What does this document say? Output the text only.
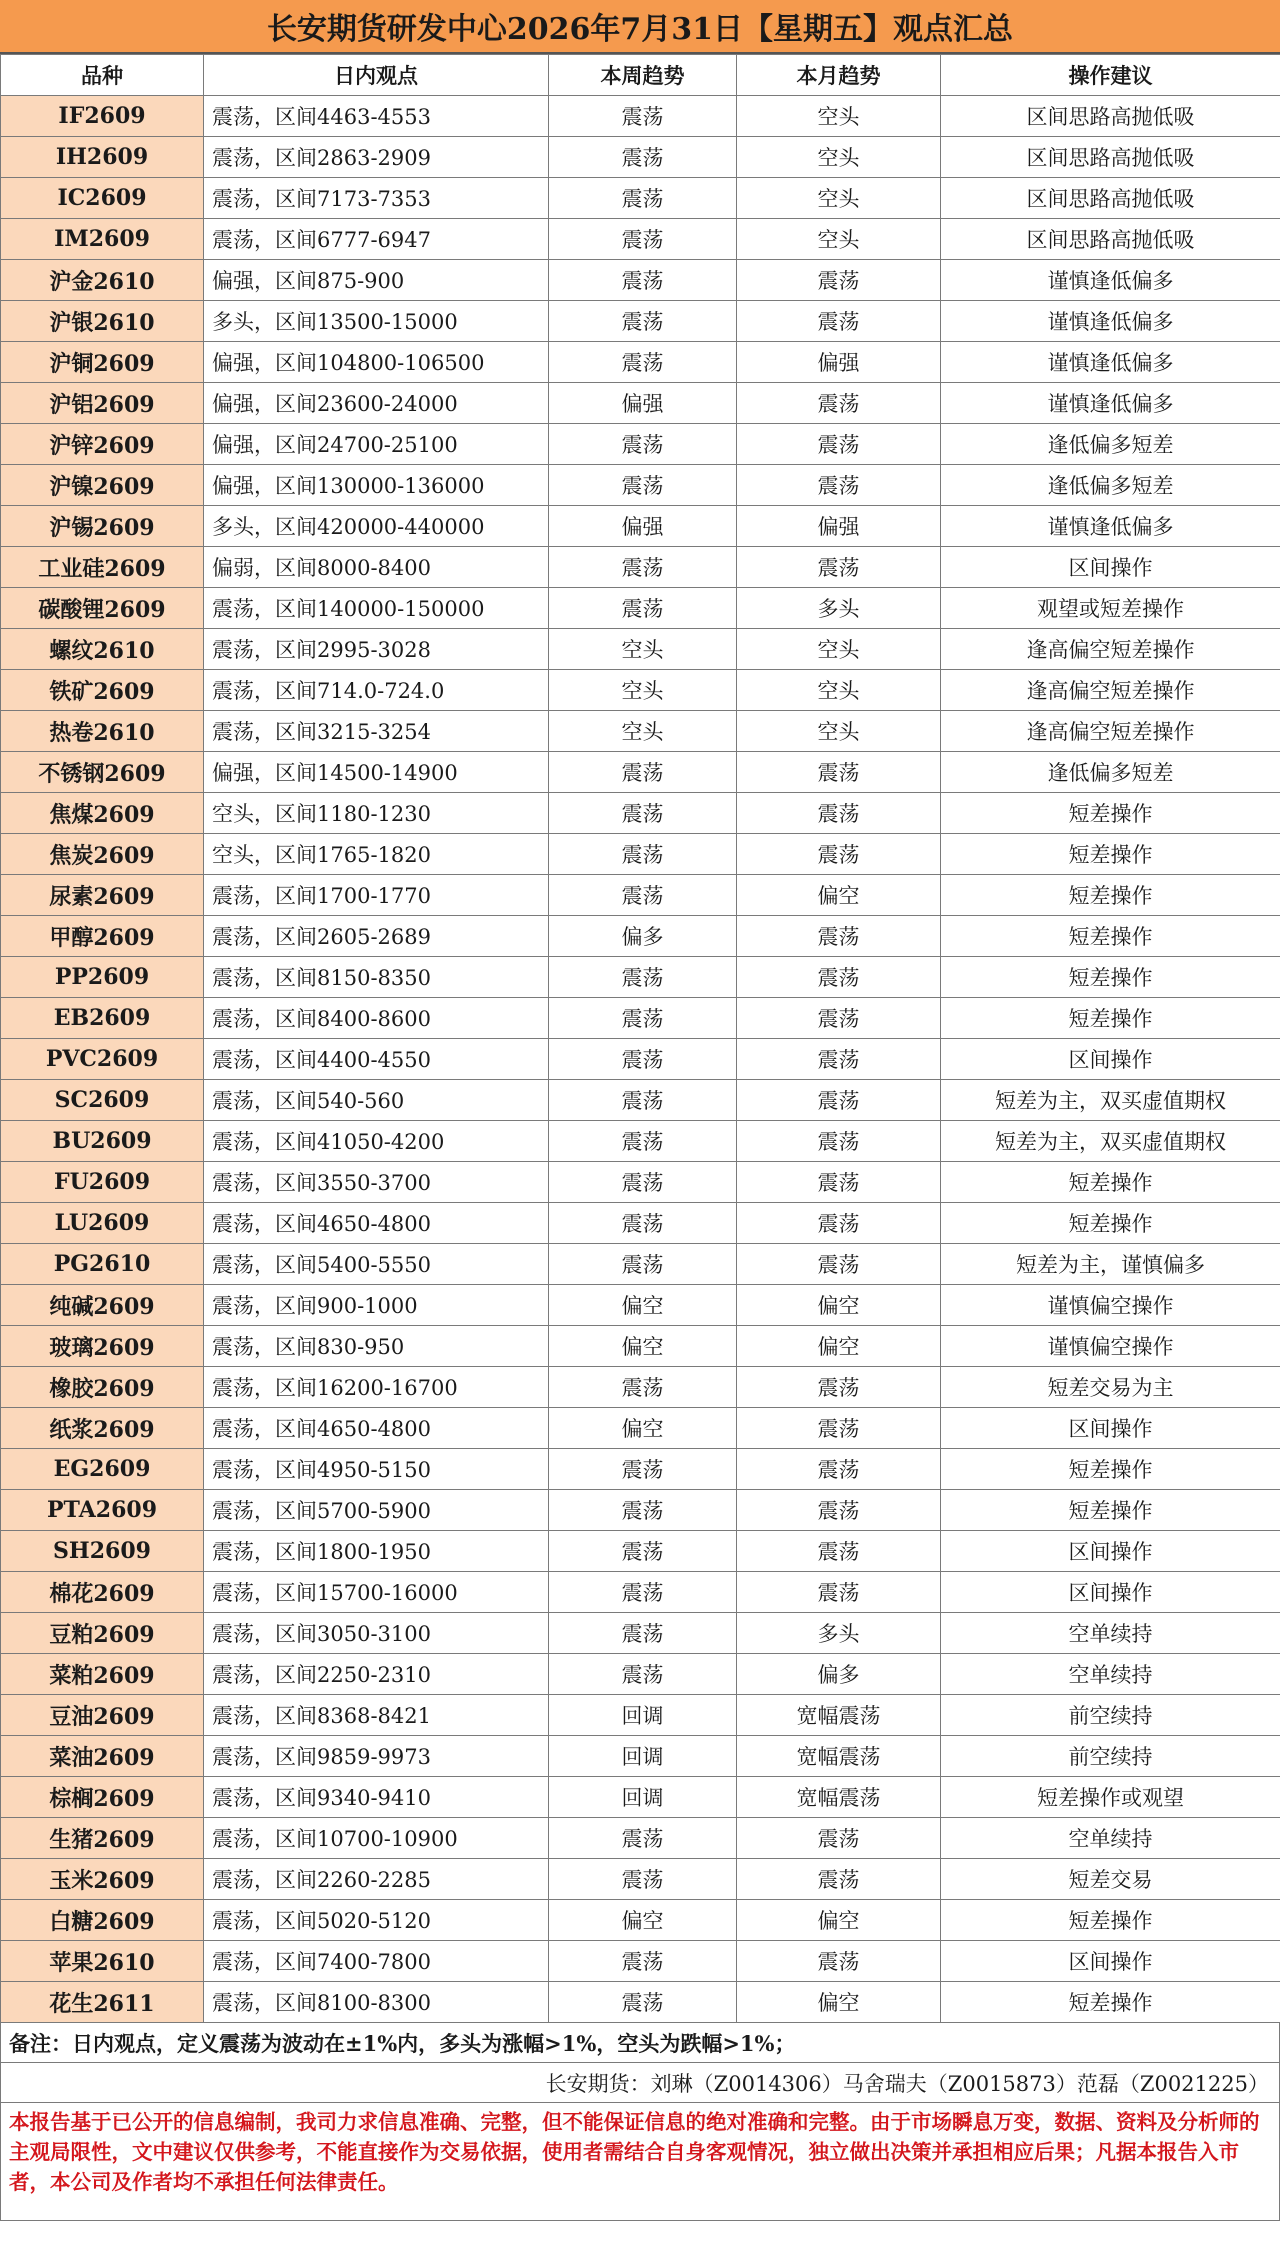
长安期货研发中心2026年7月31日【星期五】观点汇总
品种	日内观点	本周趋势	本月趋势	操作建议
IF2609	震荡，区间4463-4553	震荡	空头	区间思路高抛低吸
IH2609	震荡，区间2863-2909	震荡	空头	区间思路高抛低吸
IC2609	震荡，区间7173-7353	震荡	空头	区间思路高抛低吸
IM2609	震荡，区间6777-6947	震荡	空头	区间思路高抛低吸
沪金2610	偏强，区间875-900	震荡	震荡	谨慎逢低偏多
沪银2610	多头，区间13500-15000	震荡	震荡	谨慎逢低偏多
沪铜2609	偏强，区间104800-106500	震荡	偏强	谨慎逢低偏多
沪铝2609	偏强，区间23600-24000	偏强	震荡	谨慎逢低偏多
沪锌2609	偏强，区间24700-25100	震荡	震荡	逢低偏多短差
沪镍2609	偏强，区间130000-136000	震荡	震荡	逢低偏多短差
沪锡2609	多头，区间420000-440000	偏强	偏强	谨慎逢低偏多
工业硅2609	偏弱，区间8000-8400	震荡	震荡	区间操作
碳酸锂2609	震荡，区间140000-150000	震荡	多头	观望或短差操作
螺纹2610	震荡，区间2995-3028	空头	空头	逢高偏空短差操作
铁矿2609	震荡，区间714.0-724.0	空头	空头	逢高偏空短差操作
热卷2610	震荡，区间3215-3254	空头	空头	逢高偏空短差操作
不锈钢2609	偏强，区间14500-14900	震荡	震荡	逢低偏多短差
焦煤2609	空头，区间1180-1230	震荡	震荡	短差操作
焦炭2609	空头，区间1765-1820	震荡	震荡	短差操作
尿素2609	震荡，区间1700-1770	震荡	偏空	短差操作
甲醇2609	震荡，区间2605-2689	偏多	震荡	短差操作
PP2609	震荡，区间8150-8350	震荡	震荡	短差操作
EB2609	震荡，区间8400-8600	震荡	震荡	短差操作
PVC2609	震荡，区间4400-4550	震荡	震荡	区间操作
SC2609	震荡，区间540-560	震荡	震荡	短差为主，双买虚值期权
BU2609	震荡，区间41050-4200	震荡	震荡	短差为主，双买虚值期权
FU2609	震荡，区间3550-3700	震荡	震荡	短差操作
LU2609	震荡，区间4650-4800	震荡	震荡	短差操作
PG2610	震荡，区间5400-5550	震荡	震荡	短差为主，谨慎偏多
纯碱2609	震荡，区间900-1000	偏空	偏空	谨慎偏空操作
玻璃2609	震荡，区间830-950	偏空	偏空	谨慎偏空操作
橡胶2609	震荡，区间16200-16700	震荡	震荡	短差交易为主
纸浆2609	震荡，区间4650-4800	偏空	震荡	区间操作
EG2609	震荡，区间4950-5150	震荡	震荡	短差操作
PTA2609	震荡，区间5700-5900	震荡	震荡	短差操作
SH2609	震荡，区间1800-1950	震荡	震荡	区间操作
棉花2609	震荡，区间15700-16000	震荡	震荡	区间操作
豆粕2609	震荡，区间3050-3100	震荡	多头	空单续持
菜粕2609	震荡，区间2250-2310	震荡	偏多	空单续持
豆油2609	震荡，区间8368-8421	回调	宽幅震荡	前空续持
菜油2609	震荡，区间9859-9973	回调	宽幅震荡	前空续持
棕榈2609	震荡，区间9340-9410	回调	宽幅震荡	短差操作或观望
生猪2609	震荡，区间10700-10900	震荡	震荡	空单续持
玉米2609	震荡，区间2260-2285	震荡	震荡	短差交易
白糖2609	震荡，区间5020-5120	偏空	偏空	短差操作
苹果2610	震荡，区间7400-7800	震荡	震荡	区间操作
花生2611	震荡，区间8100-8300	震荡	偏空	短差操作
备注：日内观点，定义震荡为波动在±1%内，多头为涨幅>1%，空头为跌幅>1%；
长安期货：刘琳（Z0014306）马舍瑞夫（Z0015873）范磊（Z0021225）
本报告基于已公开的信息编制，我司力求信息准确、完整，但不能保证信息的绝对准确和完整。由于市场瞬息万变，数据、资料及分析师的主观局限性，文中建议仅供参考，不能直接作为交易依据，使用者需结合自身客观情况，独立做出决策并承担相应后果；凡据本报告入市者，本公司及作者均不承担任何法律责任。
